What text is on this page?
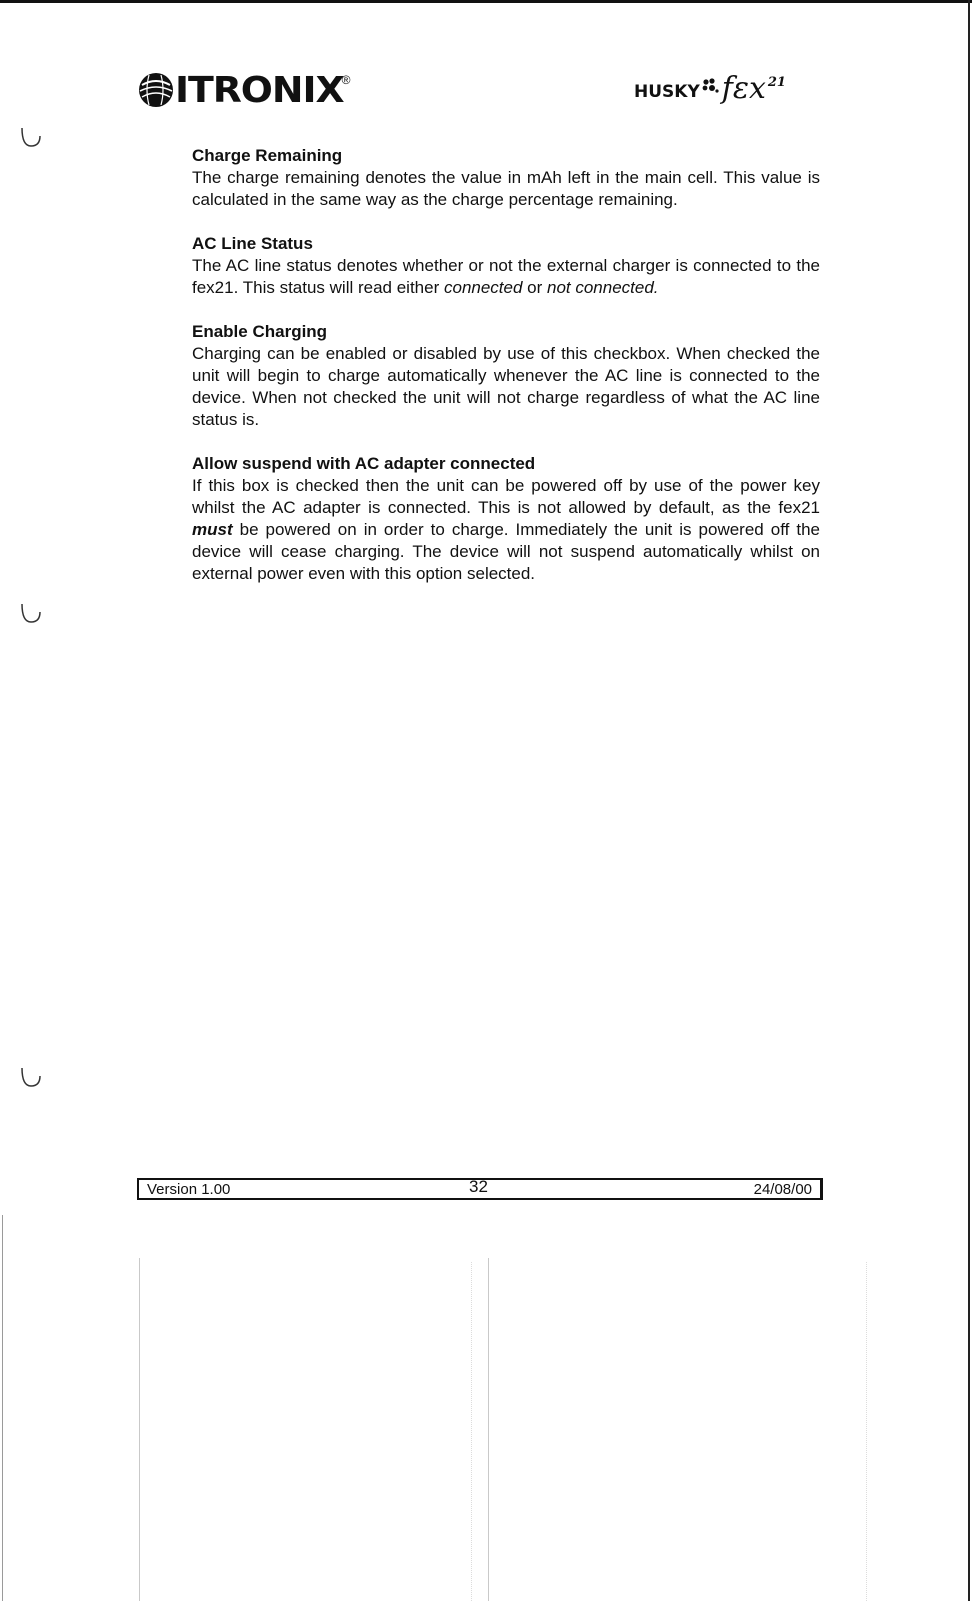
ITRONIX
®
HUSKY fεx 21

Charge Remaining

The charge remaining denotes the value in mAh left in the main cell. This value is calculated in the same way as the charge percentage remaining.

AC Line Status

The AC line status denotes whether or not the external charger is connected to the fex21. This status will read either connected or not connected.

Enable Charging

Charging can be enabled or disabled by use of this checkbox. When checked the unit will begin to charge automatically whenever the AC line is connected to the device. When not checked the unit will not charge regardless of what the AC line status is.

Allow suspend with AC adapter connected

If this box is checked then the unit can be powered off by use of the power key whilst the AC adapter is connected. This is not allowed by default, as the fex21 must be powered on in order to charge. Immediately the unit is powered off the device will cease charging. The device will not suspend automatically whilst on external power even with this option selected.

Version 1.00	32	24/08/00
